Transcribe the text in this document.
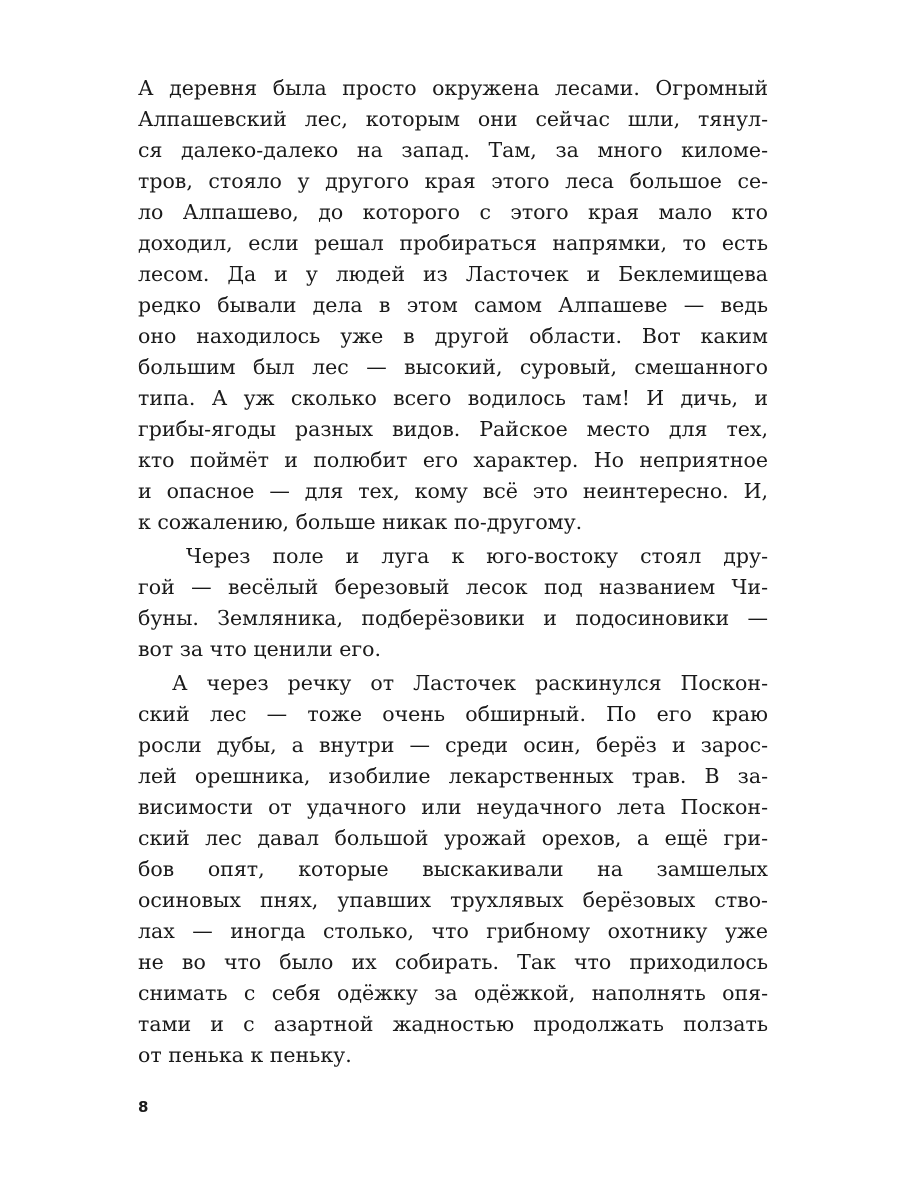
А деревня была просто окружена лесами. Огромный
Алпашевский лес, которым они сейчас шли, тянул-
ся далеко-далеко на запад. Там, за много киломе-
тров, стояло у другого края этого леса большое се-
ло Алпашево, до которого с этого края мало кто
доходил, если решал пробираться напрямки, то есть
лесом. Да и у людей из Ласточек и Беклемищева
редко бывали дела в этом самом Алпашеве — ведь
оно находилось уже в другой области. Вот каким
большим был лес — высокий, суровый, смешанного
типа. А уж сколько всего водилось там! И дичь, и
грибы-ягоды разных видов. Райское место для тех,
кто поймёт и полюбит его характер. Но неприятное
и опасное — для тех, кому всё это неинтересно. И,
к сожалению, больше никак по-другому.
Через поле и луга к юго-востоку стоял дру-
гой — весёлый березовый лесок под названием Чи-
буны. Земляника, подберёзовики и подосиновики —
вот за что ценили его.
А через речку от Ласточек раскинулся Поскон-
ский лес — тоже очень обширный. По его краю
росли дубы, а внутри — среди осин, берёз и зарос-
лей орешника, изобилие лекарственных трав. В за-
висимости от удачного или неудачного лета Поскон-
ский лес давал большой урожай орехов, а ещё гри-
бов опят, которые выскакивали на замшелых
осиновых пнях, упавших трухлявых берёзовых ство-
лах — иногда столько, что грибному охотнику уже
не во что было их собирать. Так что приходилось
снимать с себя одёжку за одёжкой, наполнять опя-
тами и с азартной жадностью продолжать ползать
от пенька к пеньку.
8
